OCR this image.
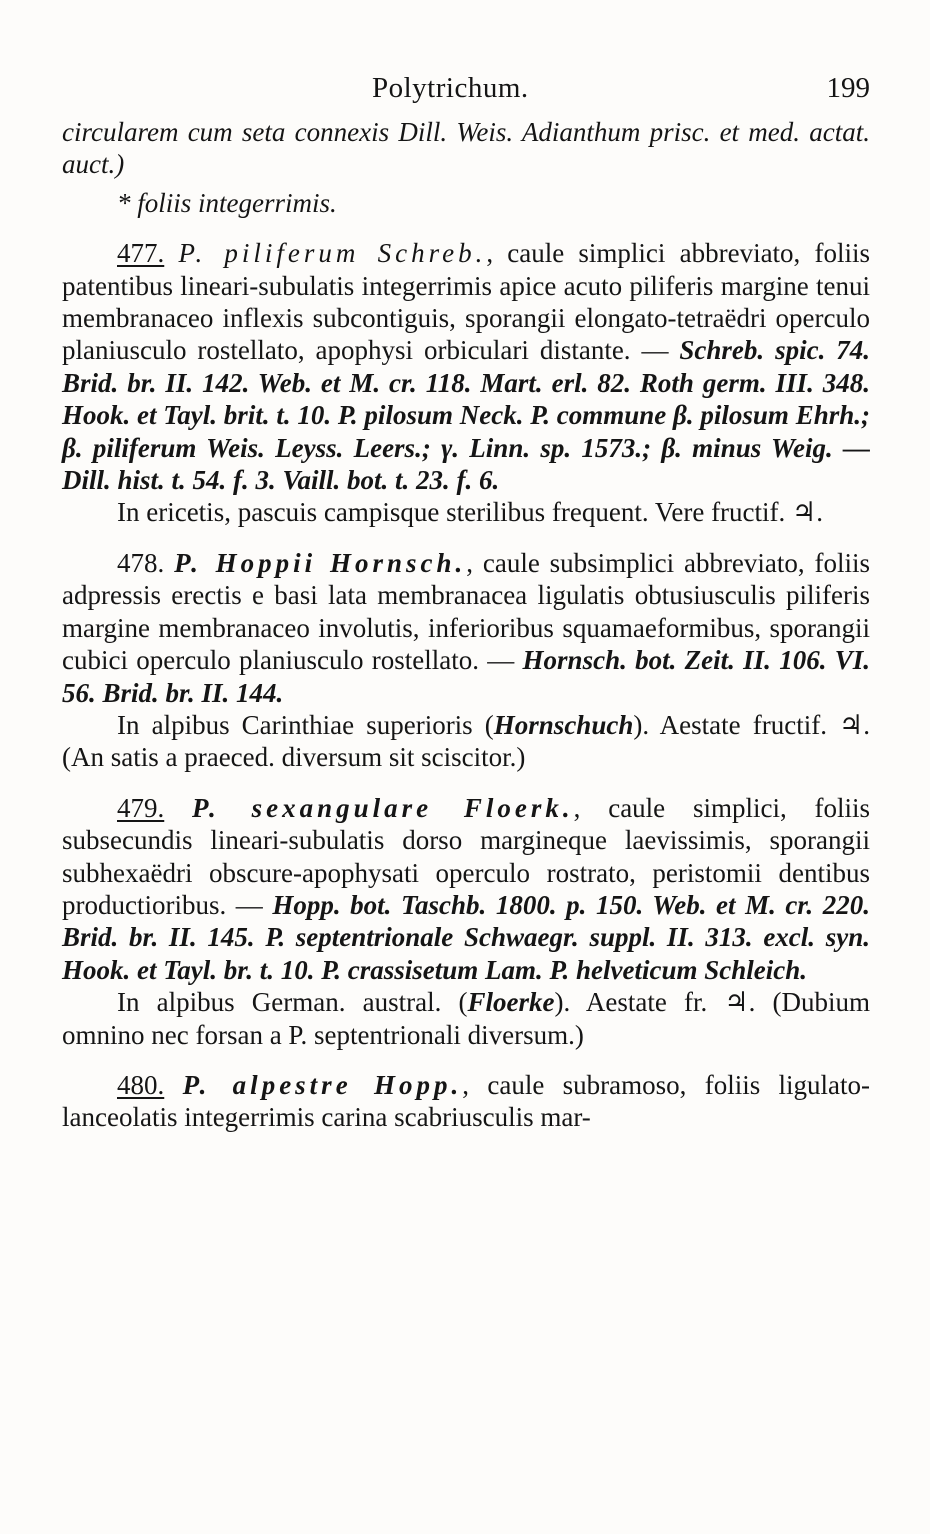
Polytrichum.	199

circularem cum seta connexis Dill. Weis. Adianthum prisc. et med. actat. auct.)

* foliis integerrimis.

477. P. piliferum Schreb., caule simplici abbreviato, foliis patentibus lineari-subulatis integerrimis apice acuto piliferis margine tenui membranaceo inflexis subcontiguis, sporangii elongato-tetraëdri operculo planiusculo rostellato, apophysi orbiculari distante. — Schreb. spic. 74. Brid. br. II. 142. Web. et M. cr. 118. Mart. erl. 82. Roth germ. III. 348. Hook. et Tayl. brit. t. 10. P. pilosum Neck. P. commune β. pilosum Ehrh.; β. piliferum Weis. Leyss. Leers.; γ. Linn. sp. 1573.; β. minus Weig. — Dill. hist. t. 54. f. 3. Vaill. bot. t. 23. f. 6.

In ericetis, pascuis campisque sterilibus frequent. Vere fructif. ♃.

478. P. Hoppii Hornsch., caule subsimplici abbreviato, foliis adpressis erectis e basi lata membranacea ligulatis obtusiusculis piliferis margine membranaceo involutis, inferioribus squamaeformibus, sporangii cubici operculo planiusculo rostellato. — Hornsch. bot. Zeit. II. 106. VI. 56. Brid. br. II. 144.

In alpibus Carinthiae superioris (Hornschuch). Aestate fructif. ♃. (An satis a praeced. diversum sit sciscitor.)

479. P. sexangulare Floerk., caule simplici, foliis subsecundis lineari-subulatis dorso margineque laevissimis, sporangii subhexaëdri obscure-apophysati operculo rostrato, peristomii dentibus productioribus. — Hopp. bot. Taschb. 1800. p. 150. Web. et M. cr. 220. Brid. br. II. 145. P. septentrionale Schwaegr. suppl. II. 313. excl. syn. Hook. et Tayl. br. t. 10. P. crassisetum Lam. P. helveticum Schleich.

In alpibus German. austral. (Floerke). Aestate fr. ♃. (Dubium omnino nec forsan a P. septentrionali diversum.)

480. P. alpestre Hopp., caule subramoso, foliis ligulato-lanceolatis integerrimis carina scabriusculis mar-
